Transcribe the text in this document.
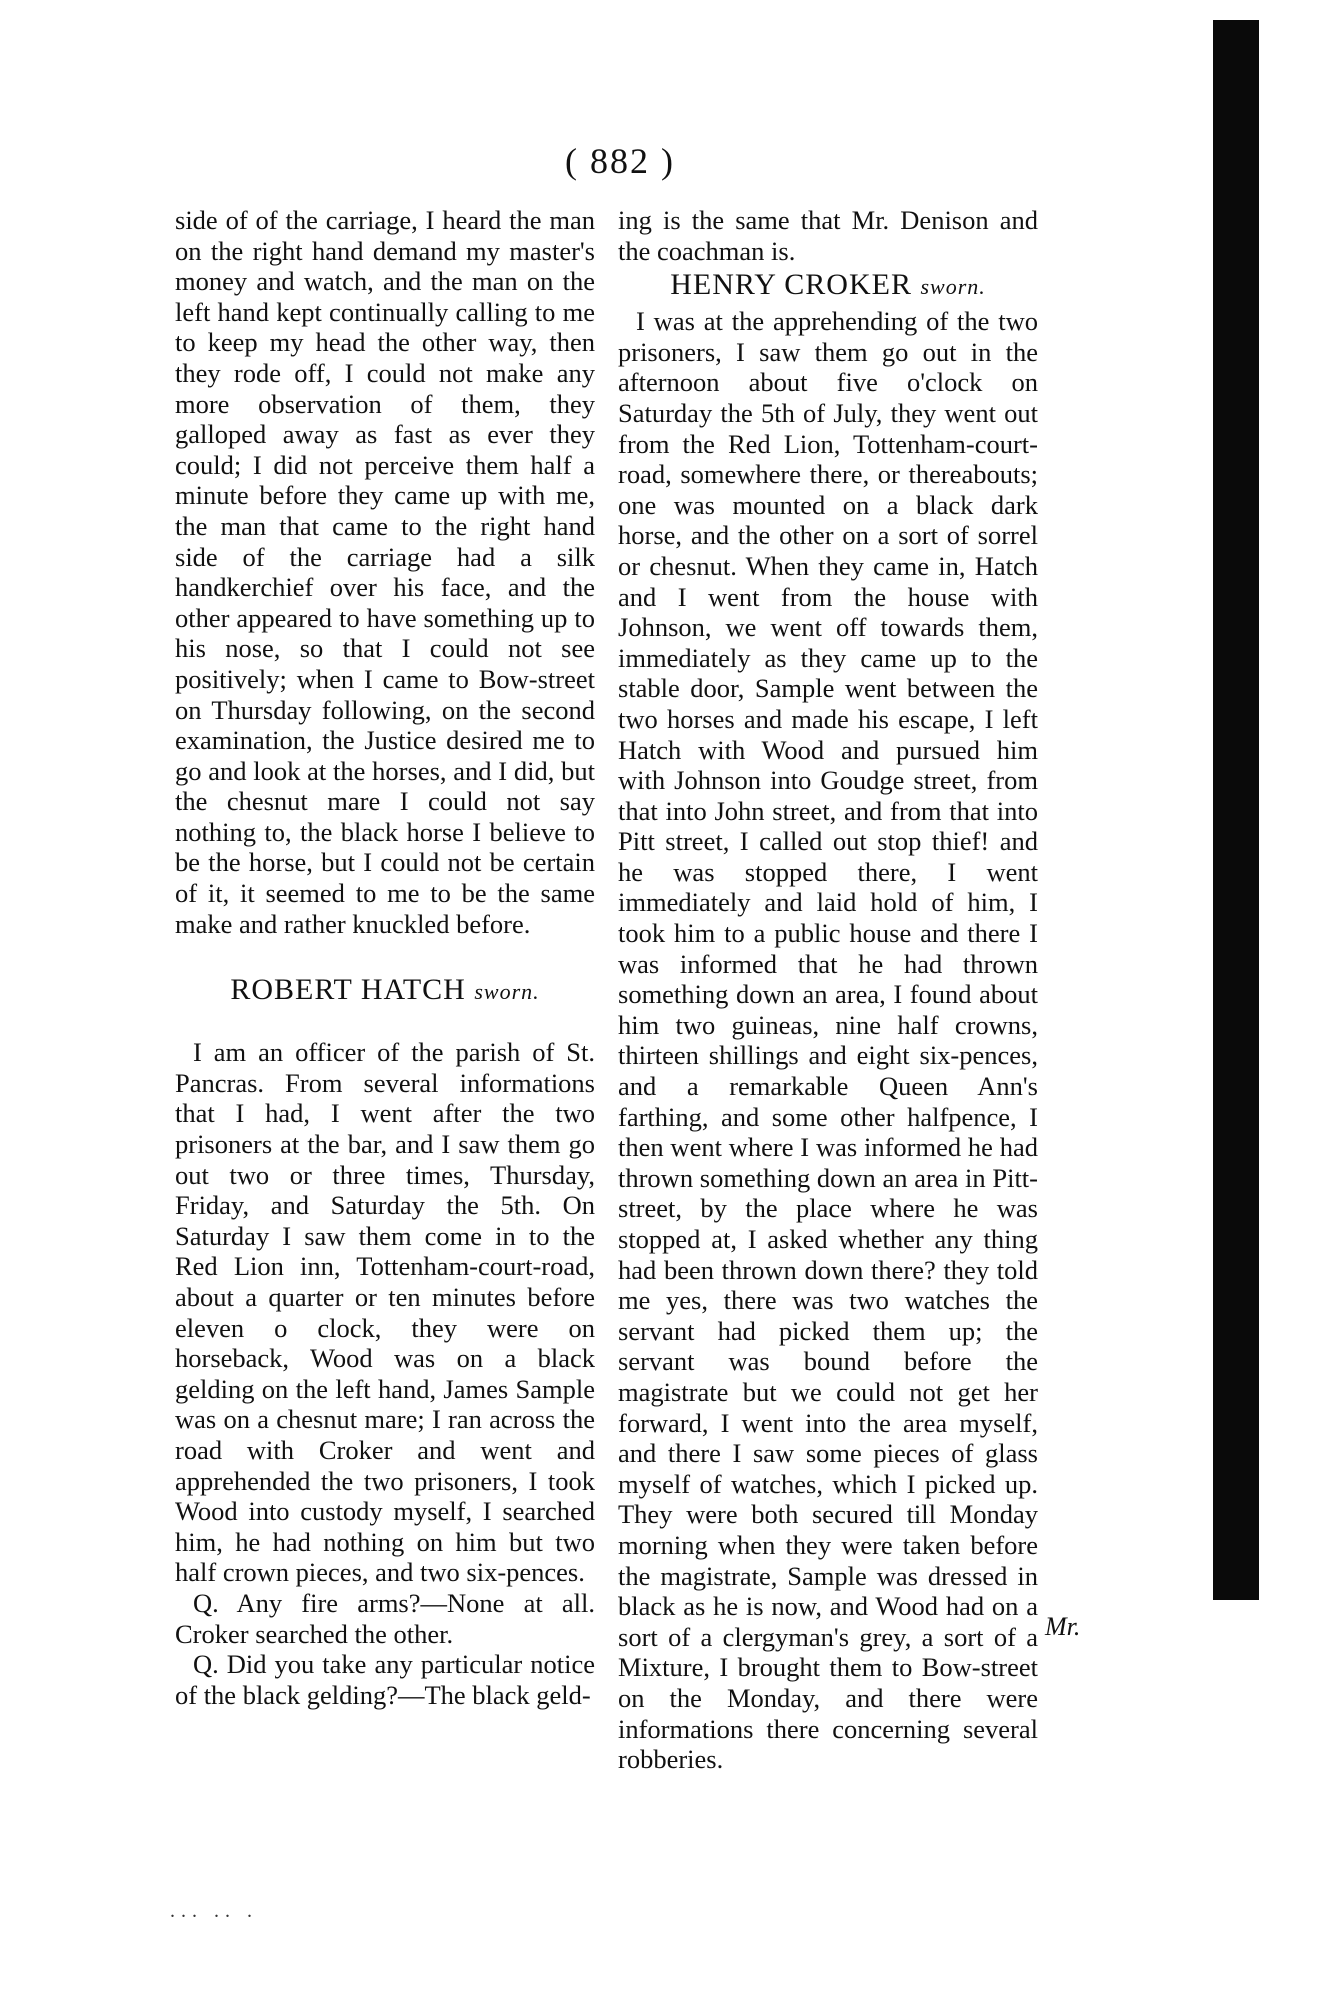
( 882 )

side of of the carriage, I heard the man on the right hand demand my master's money and watch, and the man on the left hand kept continually calling to me to keep my head the other way, then they rode off, I could not make any more observation of them, they galloped away as fast as ever they could; I did not perceive them half a minute before they came up with me, the man that came to the right hand side of the carriage had a silk handkerchief over his face, and the other appeared to have something up to his nose, so that I could not see positively; when I came to Bow-street on Thursday following, on the second examination, the Justice desired me to go and look at the horses, and I did, but the chesnut mare I could not say nothing to, the black horse I believe to be the horse, but I could not be certain of it, it seemed to me to be the same make and rather knuckled before.

ROBERT HATCH sworn.

I am an officer of the parish of St. Pancras. From several informations that I had, I went after the two prisoners at the bar, and I saw them go out two or three times, Thursday, Friday, and Saturday the 5th. On Saturday I saw them come in to the Red Lion inn, Tottenham-court-road, about a quarter or ten minutes before eleven o clock, they were on horseback, Wood was on a black gelding on the left hand, James Sample was on a chesnut mare; I ran across the road with Croker and went and apprehended the two prisoners, I took Wood into custody myself, I searched him, he had nothing on him but two half crown pieces, and two six-pences.

Q. Any fire arms?—None at all. Croker searched the other.

Q. Did you take any particular notice of the black gelding?—The black geld-

ing is the same that Mr. Denison and the coachman is.

HENRY CROKER sworn.

I was at the apprehending of the two prisoners, I saw them go out in the afternoon about five o'clock on Saturday the 5th of July, they went out from the Red Lion, Tottenham-court-road, somewhere there, or thereabouts; one was mounted on a black dark horse, and the other on a sort of sorrel or chesnut. When they came in, Hatch and I went from the house with Johnson, we went off towards them, immediately as they came up to the stable door, Sample went between the two horses and made his escape, I left Hatch with Wood and pursued him with Johnson into Goudge street, from that into John street, and from that into Pitt street, I called out stop thief! and he was stopped there, I went immediately and laid hold of him, I took him to a public house and there I was informed that he had thrown something down an area, I found about him two guineas, nine half crowns, thirteen shillings and eight six-pences, and a remarkable Queen Ann's farthing, and some other halfpence, I then went where I was informed he had thrown something down an area in Pitt-street, by the place where he was stopped at, I asked whether any thing had been thrown down there? they told me yes, there was two watches the servant had picked them up; the servant was bound before the magistrate but we could not get her forward, I went into the area myself, and there I saw some pieces of glass myself of watches, which I picked up. They were both secured till Monday morning when they were taken before the magistrate, Sample was dressed in black as he is now, and Wood had on a sort of a clergyman's grey, a sort of a Mixture, I brought them to Bow-street on the Monday, and there were informations there concerning several robberies.

Mr.
... .. .
